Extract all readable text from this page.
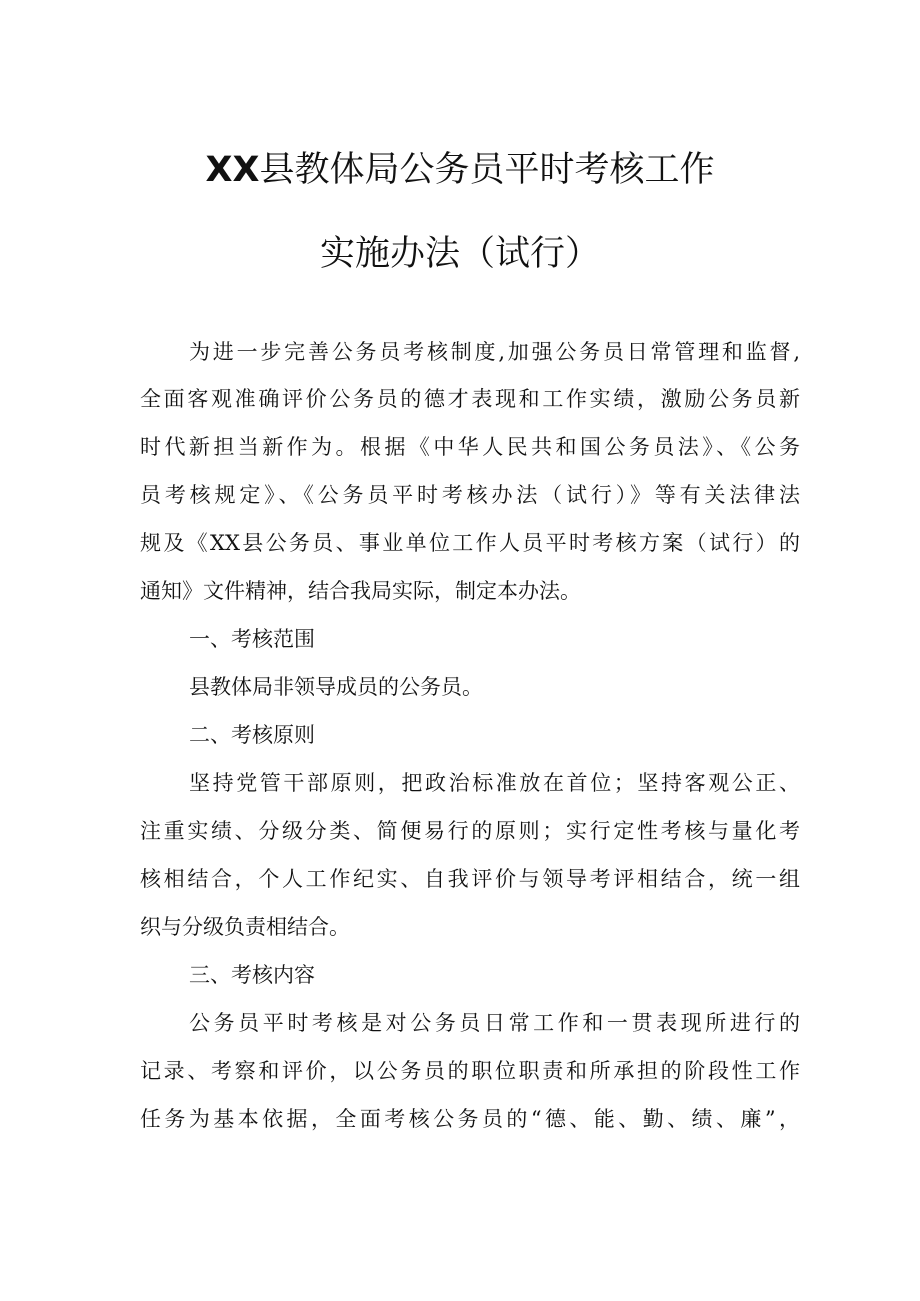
XX县教体局公务员平时考核工作
实施办法（试行）
为进一步完善公务员考核制度,加强公务员日常管理和监督,
全面客观准确评价公务员的德才表现和工作实绩，激励公务员新
时代新担当新作为。根据《中华人民共和国公务员法》、《公务
员考核规定》、《公务员平时考核办法（试行）》等有关法律法
规及《XX县公务员、事业单位工作人员平时考核方案（试行）的
通知》文件精神，结合我局实际，制定本办法。
一、考核范围
县教体局非领导成员的公务员。
二、考核原则
坚持党管干部原则，把政治标准放在首位；坚持客观公正、
注重实绩、分级分类、简便易行的原则；实行定性考核与量化考
核相结合，个人工作纪实、自我评价与领导考评相结合，统一组
织与分级负责相结合。
三、考核内容
公务员平时考核是对公务员日常工作和一贯表现所进行的
记录、考察和评价，以公务员的职位职责和所承担的阶段性工作
任务为基本依据，全面考核公务员的“德、能、勤、绩、廉”，
